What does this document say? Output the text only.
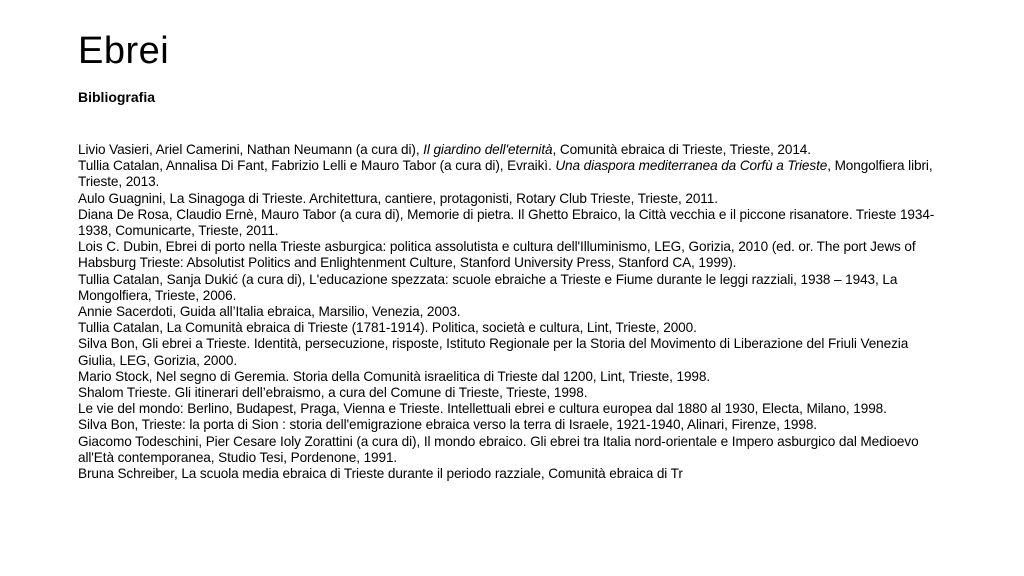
Ebrei
Bibliografia

Livio Vasieri, Ariel Camerini, Nathan Neumann (a cura di), Il giardino dell'eternità, Comunità ebraica di Trieste, Trieste, 2014.

Tullia Catalan, Annalisa Di Fant, Fabrizio Lelli e Mauro Tabor (a cura di), Evraikì. Una diaspora mediterranea da Corfù a Trieste, Mongolfiera libri, Trieste, 2013.

Aulo Guagnini, La Sinagoga di Trieste. Architettura, cantiere, protagonisti, Rotary Club Trieste, Trieste, 2011.

Diana De Rosa, Claudio Ernè, Mauro Tabor (a cura di), Memorie di pietra. Il Ghetto Ebraico, la Città vecchia e il piccone risanatore. Trieste 1934-1938, Comunicarte, Trieste, 2011.

Lois C. Dubin, Ebrei di porto nella Trieste asburgica: politica assolutista e cultura dell'Illuminismo, LEG, Gorizia, 2010 (ed. or. The port Jews of Habsburg Trieste: Absolutist Politics and Enlightenment Culture, Stanford University Press, Stanford CA, 1999).

Tullia Catalan, Sanja Dukić (a cura di), L'educazione spezzata: scuole ebraiche a Trieste e Fiume durante le leggi razziali, 1938 – 1943, La Mongolfiera, Trieste, 2006.

Annie Sacerdoti, Guida all’Italia ebraica, Marsilio, Venezia, 2003.

Tullia Catalan, La Comunità ebraica di Trieste (1781-1914). Politica, società e cultura, Lint, Trieste, 2000.

Silva Bon, Gli ebrei a Trieste. Identità, persecuzione, risposte, Istituto Regionale per la Storia del Movimento di Liberazione del Friuli Venezia Giulia, LEG, Gorizia, 2000.

Mario Stock, Nel segno di Geremia. Storia della Comunità israelitica di Trieste dal 1200, Lint, Trieste, 1998.

Shalom Trieste. Gli itinerari dell’ebraismo, a cura del Comune di Trieste, Trieste, 1998.

Le vie del mondo: Berlino, Budapest, Praga, Vienna e Trieste. Intellettuali ebrei e cultura europea dal 1880 al 1930, Electa, Milano, 1998.

Silva Bon, Trieste: la porta di Sion : storia dell'emigrazione ebraica verso la terra di Israele, 1921-1940, Alinari, Firenze, 1998.

Giacomo Todeschini, Pier Cesare Ioly Zorattini (a cura di), Il mondo ebraico. Gli ebrei tra Italia nord-orientale e Impero asburgico dal Medioevo all'Età contemporanea, Studio Tesi, Pordenone, 1991.

Bruna Schreiber, La scuola media ebraica di Trieste durante il periodo razziale, Comunità ebraica di Tr
